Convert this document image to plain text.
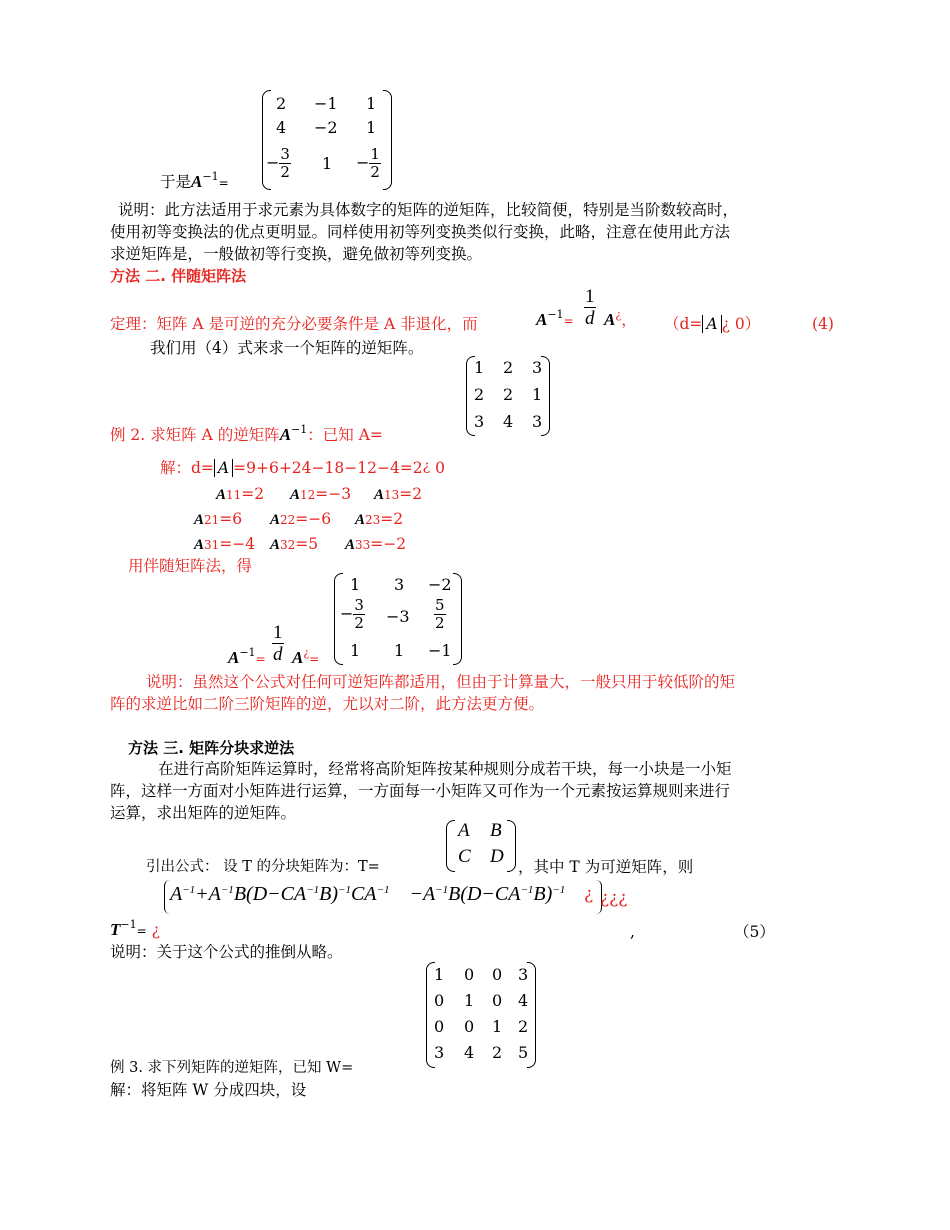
2 −1 1
4 −2 1
− $\frac{3}{2} 1 - \frac{1}{2}$
于是$A^{-1}=$
说明：此方法适用于求元素为具体数字的矩阵的逆矩阵，比较简便，特别是当阶数较高时，
使用初等变换法的优点更明显。同样使用初等列变换类似行变换，此略，注意在使用此方法
求逆矩阵是，一般做初等行变换，避免做初等列变换。
方法 二. 伴随矩阵法
定理：矩阵 A 是可逆的充分必要条件是 A 非退化，而	$A^{-1}= \frac{1}{d} A^¿$， （d= A ¿ 0）	(4)
我们用（4）式来求一个矩阵的逆矩阵。
1 2 3
2 2 1
3 4 3
例 2. 求矩阵 A 的逆矩阵$A^{-1}$：已知 A=
解：d= A =9+6+24−18−12−4=2¿ 0
A11=2 A12=−3 A13=2
A21=6 A22=−6 A23=2
A31=−4 A32=5 A33=−2
用伴随矩阵法，得
1 3 −2
− $\frac{3}{2} -3 \frac{5}{2}$
1 1 −1
$A^{-1}= \frac{1}{d} A^¿=$
说明：虽然这个公式对任何可逆矩阵都适用，但由于计算量大，一般只用于较低阶的矩
阵的求逆比如二阶三阶矩阵的逆，尤以对二阶，此方法更方便。
方法 三. 矩阵分块求逆法
在进行高阶矩阵运算时，经常将高阶矩阵按某种规则分成若干块，每一小块是一小矩
阵，这样一方面对小矩阵进行运算，一方面每一小矩阵又可作为一个元素按运算规则来进行
运算，求出矩阵的逆矩阵。
A B
C D
引出公式： 设 T 的分块矩阵为：T=	，其中 T 为可逆矩阵，则
$A^{-1}+A^{-1}B(D-CA^{-1}B)^{-1}CA^{-1} -A^{-1}B(D-CA^{-1}B)^{-1}$ ¿ ¿¿¿
$T^{-1}=$ ¿	,	（5）
说明：关于这个公式的推倒从略。
1 0 0 3
0 1 0 4
0 0 1 2
3 4 2 5
例 3. 求下列矩阵的逆矩阵，已知 W=
解：将矩阵 W 分成四块，设
